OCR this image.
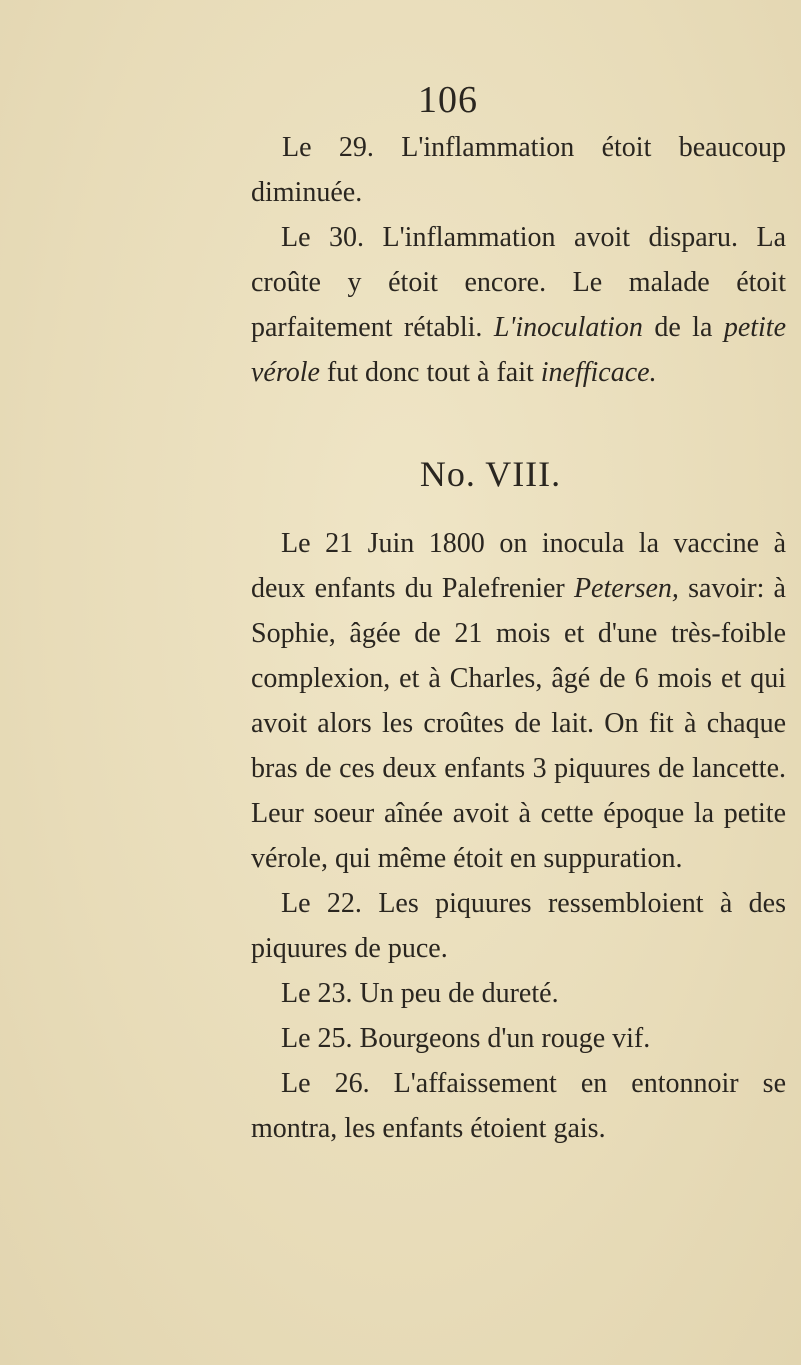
106

Le 29. L'inflammation étoit beaucoup diminuée.

Le 30. L'inflammation avoit disparu. La croûte y étoit encore. Le malade étoit parfaitement rétabli. L'inoculation de la petite vérole fut donc tout à fait inefficace.

No. VIII.

Le 21 Juin 1800 on inocula la vaccine à deux enfants du Palefrenier Petersen, savoir: à Sophie, âgée de 21 mois et d'une très-foible complexion, et à Charles, âgé de 6 mois et qui avoit alors les croûtes de lait. On fit à chaque bras de ces deux enfants 3 piquures de lancette. Leur soeur aînée avoit à cette époque la petite vérole, qui même étoit en suppuration.

Le 22. Les piquures ressembloient à des piquures de puce.

Le 23. Un peu de dureté.

Le 25. Bourgeons d'un rouge vif.

Le 26. L'affaissement en entonnoir se montra, les enfants étoient gais.
